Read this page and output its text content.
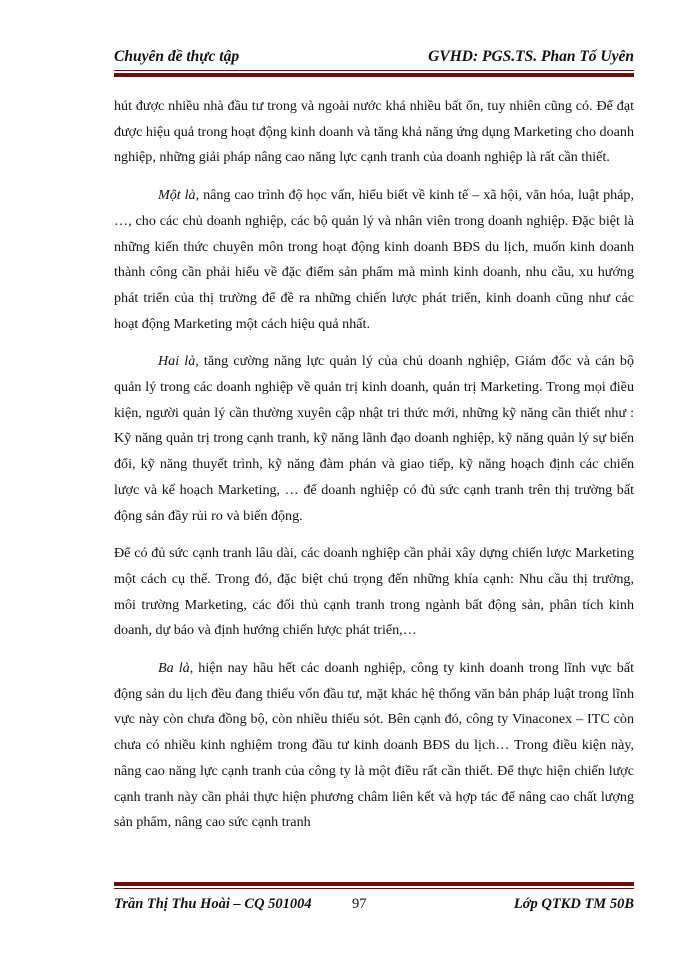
Chuyên đề thực tập	GVHD: PGS.TS. Phan Tố Uyên

hút được nhiều nhà đầu tư trong và ngoài nước khá nhiều bất ổn, tuy nhiên cũng có. Để đạt được hiệu quả trong hoạt động kinh doanh và tăng khả năng ứng dụng Marketing cho doanh nghiệp, những giải pháp nâng cao năng lực cạnh tranh của doanh nghiệp là rất cần thiết.

Một là, nâng cao trình độ học vấn, hiểu biết về kinh tế – xã hội, văn hóa, luật pháp, …, cho các chủ doanh nghiệp, các bộ quản lý và nhân viên trong doanh nghiệp. Đặc biệt là những kiến thức chuyên môn trong hoạt động kinh doanh BĐS du lịch, muốn kinh doanh thành công cần phải hiểu về đặc điểm sản phẩm mà mình kinh doanh, nhu cầu, xu hướng phát triển của thị trường để đề ra những chiến lược phát triển, kinh doanh cũng như các hoạt động Marketing một cách hiệu quả nhất.

Hai là, tăng cường năng lực quản lý của chủ doanh nghiệp, Giám đốc và cán bộ quản lý trong các doanh nghiệp về quản trị kinh doanh, quản trị Marketing. Trong mọi điều kiện, người quản lý cần thường xuyên cập nhật tri thức mới, những kỹ năng cần thiết như : Kỹ năng quản trị trong cạnh tranh, kỹ năng lãnh đạo doanh nghiệp, kỹ năng quản lý sự biến đổi, kỹ năng thuyết trình, kỹ năng đàm phán và giao tiếp, kỹ năng hoạch định các chiến lược và kế hoạch Marketing, … để doanh nghiệp có đủ sức cạnh tranh trên thị trường bất động sản đầy rủi ro và biến động.

Để có đủ sức cạnh tranh lâu dài, các doanh nghiệp cần phải xây dựng chiến lược Marketing một cách cụ thể. Trong đó, đặc biệt chú trọng đến những khía cạnh: Nhu cầu thị trường, môi trường Marketing, các đối thủ cạnh tranh trong ngành bất động sản, phân tích kinh doanh, dự báo và định hướng chiến lược phát triển,…

Ba là, hiện nay hầu hết các doanh nghiệp, công ty kinh doanh trong lĩnh vực bất động sản du lịch đều đang thiếu vốn đầu tư, mặt khác hệ thống văn bản pháp luật trong lĩnh vực này còn chưa đồng bộ, còn nhiều thiếu sót. Bên cạnh đó, công ty Vinaconex – ITC còn chưa có nhiều kinh nghiệm trong đầu tư kinh doanh BĐS du lịch… Trong điều kiện này, nâng cao năng lực cạnh tranh của công ty là một điều rất cần thiết. Để thực hiện chiến lược cạnh tranh này cần phải thực hiện phương châm liên kết và hợp tác để nâng cao chất lượng sản phẩm, nâng cao sức cạnh tranh

Trần Thị Thu Hoài – CQ 501004	97	Lớp QTKD TM 50B
